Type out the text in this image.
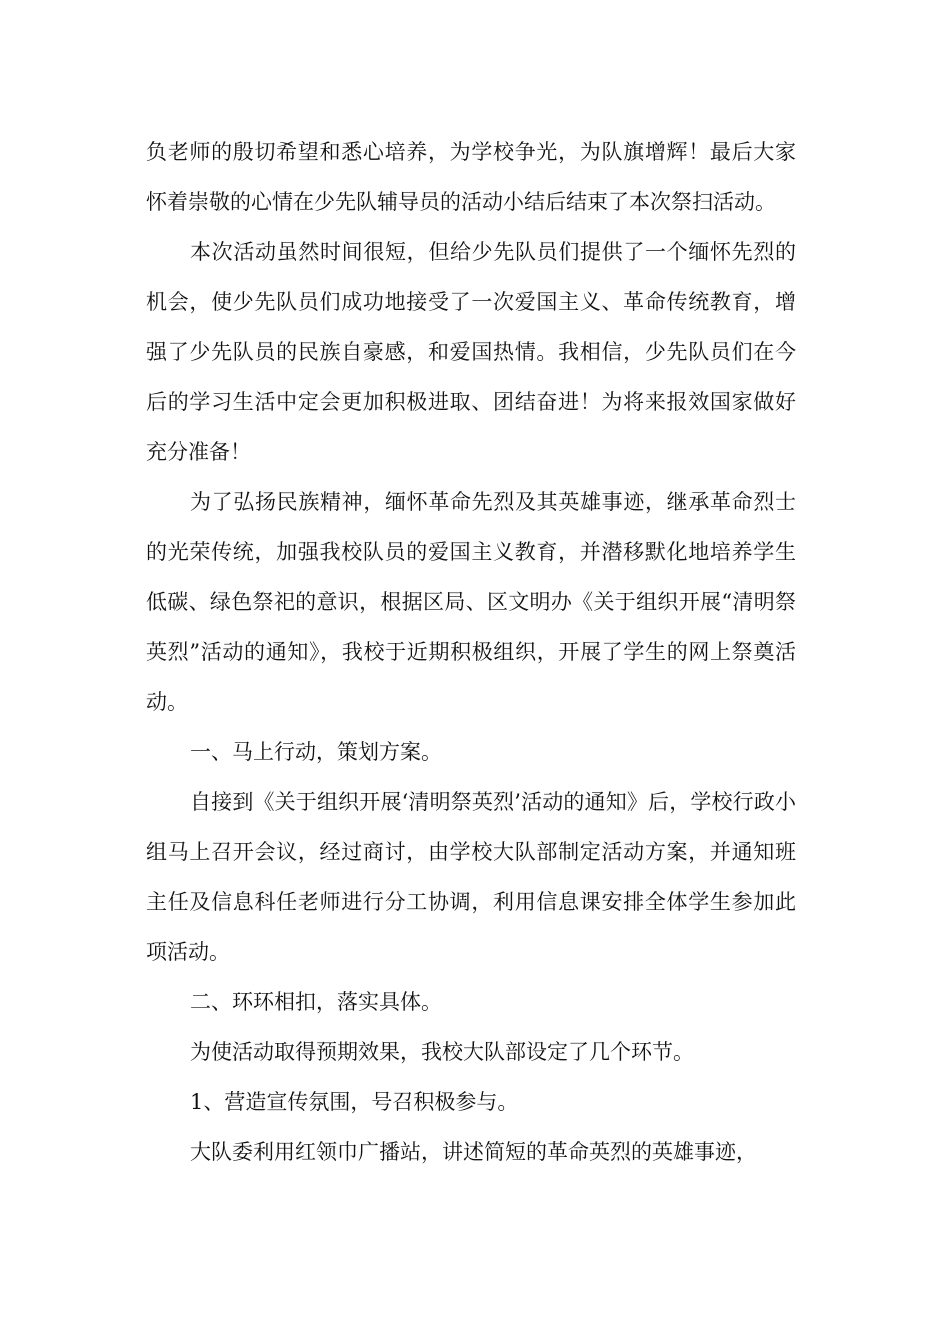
负老师的殷切希望和悉心培养，为学校争光，为队旗增辉！最后大家怀着崇敬的心情在少先队辅导员的活动小结后结束了本次祭扫活动。

本次活动虽然时间很短，但给少先队员们提供了一个缅怀先烈的机会，使少先队员们成功地接受了一次爱国主义、革命传统教育，增强了少先队员的民族自豪感，和爱国热情。我相信，少先队员们在今后的学习生活中定会更加积极进取、团结奋进！为将来报效国家做好充分准备！

为了弘扬民族精神，缅怀革命先烈及其英雄事迹，继承革命烈士的光荣传统，加强我校队员的爱国主义教育，并潜移默化地培养学生低碳、绿色祭祀的意识，根据区局、区文明办《关于组织开展“清明祭英烈”活动的通知》，我校于近期积极组织，开展了学生的网上祭奠活动。

一、马上行动，策划方案。

自接到《关于组织开展‘清明祭英烈’活动的通知》后，学校行政小组马上召开会议，经过商讨，由学校大队部制定活动方案，并通知班主任及信息科任老师进行分工协调，利用信息课安排全体学生参加此项活动。

二、环环相扣，落实具体。

为使活动取得预期效果，我校大队部设定了几个环节。

1、营造宣传氛围，号召积极参与。

大队委利用红领巾广播站，讲述简短的革命英烈的英雄事迹，
